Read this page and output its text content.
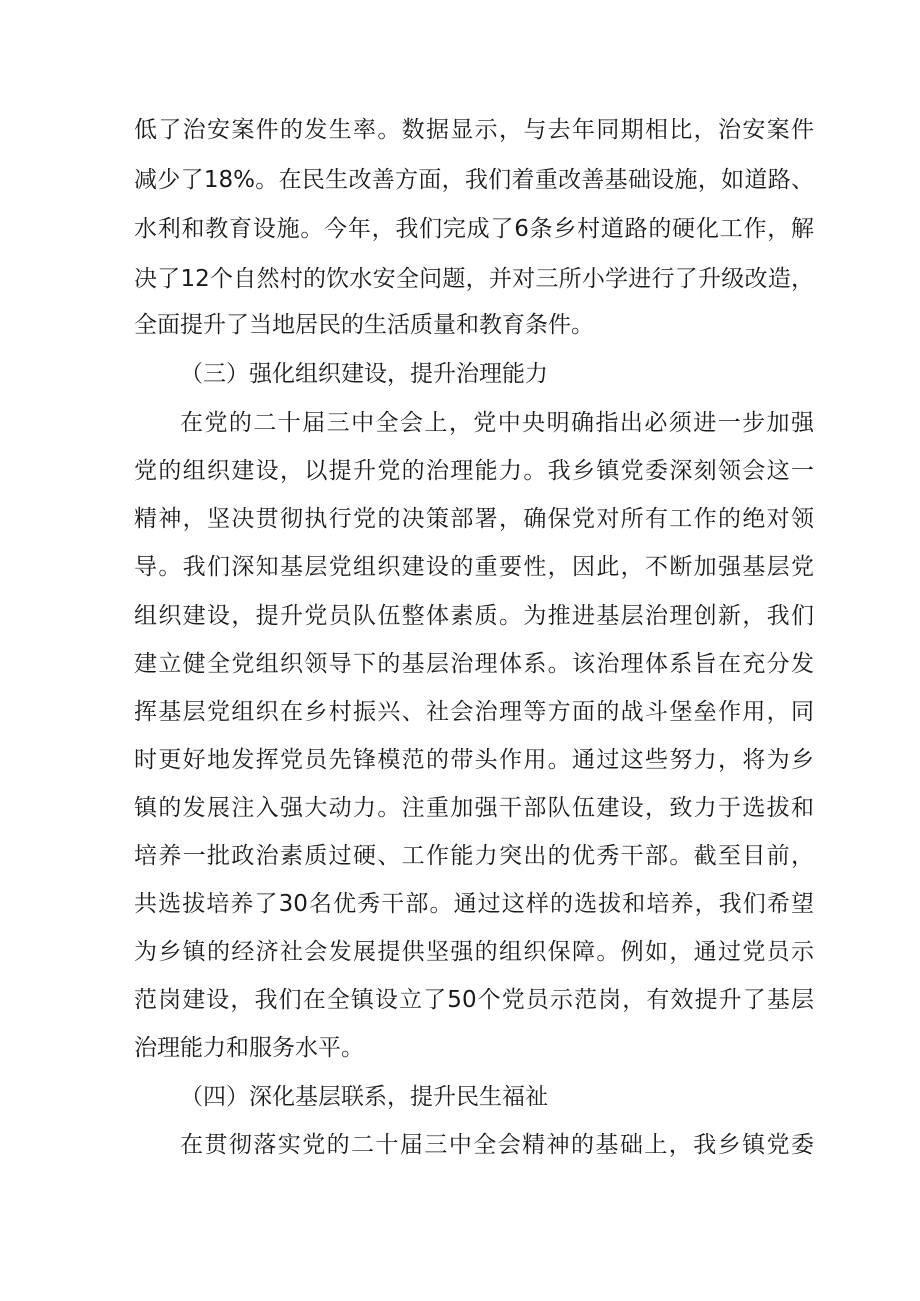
低了治安案件的发生率。数据显示，与去年同期相比，治安案件
减少了18%。在民生改善方面，我们着重改善基础设施，如道路、
水利和教育设施。今年，我们完成了6条乡村道路的硬化工作，解
决了12个自然村的饮水安全问题，并对三所小学进行了升级改造，
全面提升了当地居民的生活质量和教育条件。
（三）强化组织建设，提升治理能力
在党的二十届三中全会上，党中央明确指出必须进一步加强
党的组织建设，以提升党的治理能力。我乡镇党委深刻领会这一
精神，坚决贯彻执行党的决策部署，确保党对所有工作的绝对领
导。我们深知基层党组织建设的重要性，因此，不断加强基层党
组织建设，提升党员队伍整体素质。为推进基层治理创新，我们
建立健全党组织领导下的基层治理体系。该治理体系旨在充分发
挥基层党组织在乡村振兴、社会治理等方面的战斗堡垒作用，同
时更好地发挥党员先锋模范的带头作用。通过这些努力，将为乡
镇的发展注入强大动力。注重加强干部队伍建设，致力于选拔和
培养一批政治素质过硬、工作能力突出的优秀干部。截至目前，
共选拔培养了30名优秀干部。通过这样的选拔和培养，我们希望
为乡镇的经济社会发展提供坚强的组织保障。例如，通过党员示
范岗建设，我们在全镇设立了50个党员示范岗，有效提升了基层
治理能力和服务水平。
（四）深化基层联系，提升民生福祉
在贯彻落实党的二十届三中全会精神的基础上，我乡镇党委
